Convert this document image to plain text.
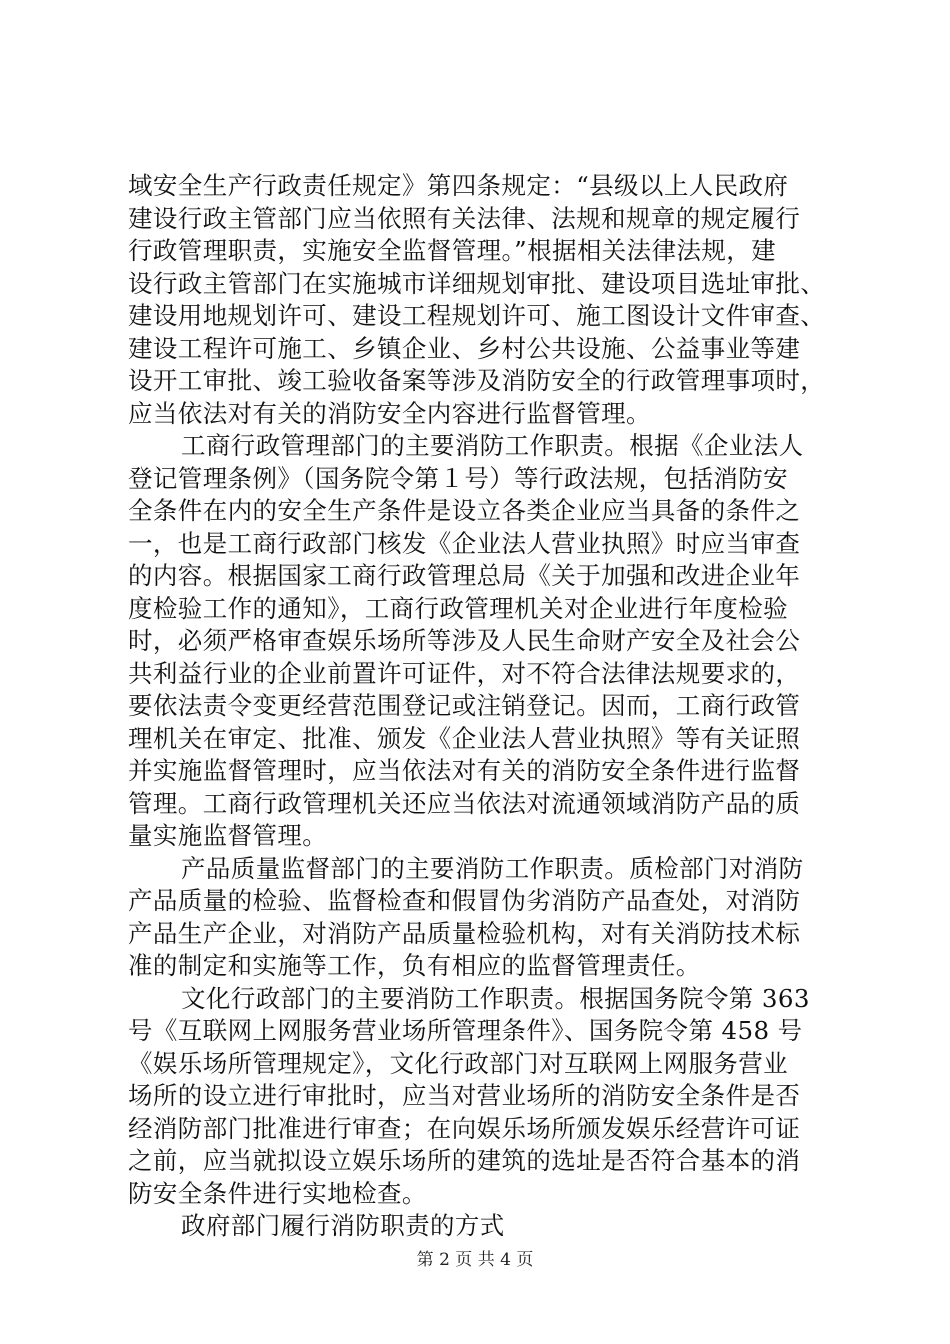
域安全生产行政责任规定》第四条规定：“县级以上人民政府
建设行政主管部门应当依照有关法律、法规和规章的规定履行
行政管理职责，实施安全监督管理。”根据相关法律法规，建
设行政主管部门在实施城市详细规划审批、建设项目选址审批、
建设用地规划许可、建设工程规划许可、施工图设计文件审查、
建设工程许可施工、乡镇企业、乡村公共设施、公益事业等建
设开工审批、竣工验收备案等涉及消防安全的行政管理事项时，
应当依法对有关的消防安全内容进行监督管理。
工商行政管理部门的主要消防工作职责。根据《企业法人
登记管理条例》（国务院令第１号）等行政法规，包括消防安
全条件在内的安全生产条件是设立各类企业应当具备的条件之
一，也是工商行政部门核发《企业法人营业执照》时应当审查
的内容。根据国家工商行政管理总局《关于加强和改进企业年
度检验工作的通知》，工商行政管理机关对企业进行年度检验
时，必须严格审查娱乐场所等涉及人民生命财产安全及社会公
共利益行业的企业前置许可证件，对不符合法律法规要求的，
要依法责令变更经营范围登记或注销登记。因而，工商行政管
理机关在审定、批准、颁发《企业法人营业执照》等有关证照
并实施监督管理时，应当依法对有关的消防安全条件进行监督
管理。工商行政管理机关还应当依法对流通领域消防产品的质
量实施监督管理。
产品质量监督部门的主要消防工作职责。质检部门对消防
产品质量的检验、监督检查和假冒伪劣消防产品查处，对消防
产品生产企业，对消防产品质量检验机构，对有关消防技术标
准的制定和实施等工作，负有相应的监督管理责任。
文化行政部门的主要消防工作职责。根据国务院令第 363
号《互联网上网服务营业场所管理条件》、国务院令第 458 号
《娱乐场所管理规定》，文化行政部门对互联网上网服务营业
场所的设立进行审批时，应当对营业场所的消防安全条件是否
经消防部门批准进行审查；在向娱乐场所颁发娱乐经营许可证
之前，应当就拟设立娱乐场所的建筑的选址是否符合基本的消
防安全条件进行实地检查。
政府部门履行消防职责的方式
第 2 页 共 4 页
